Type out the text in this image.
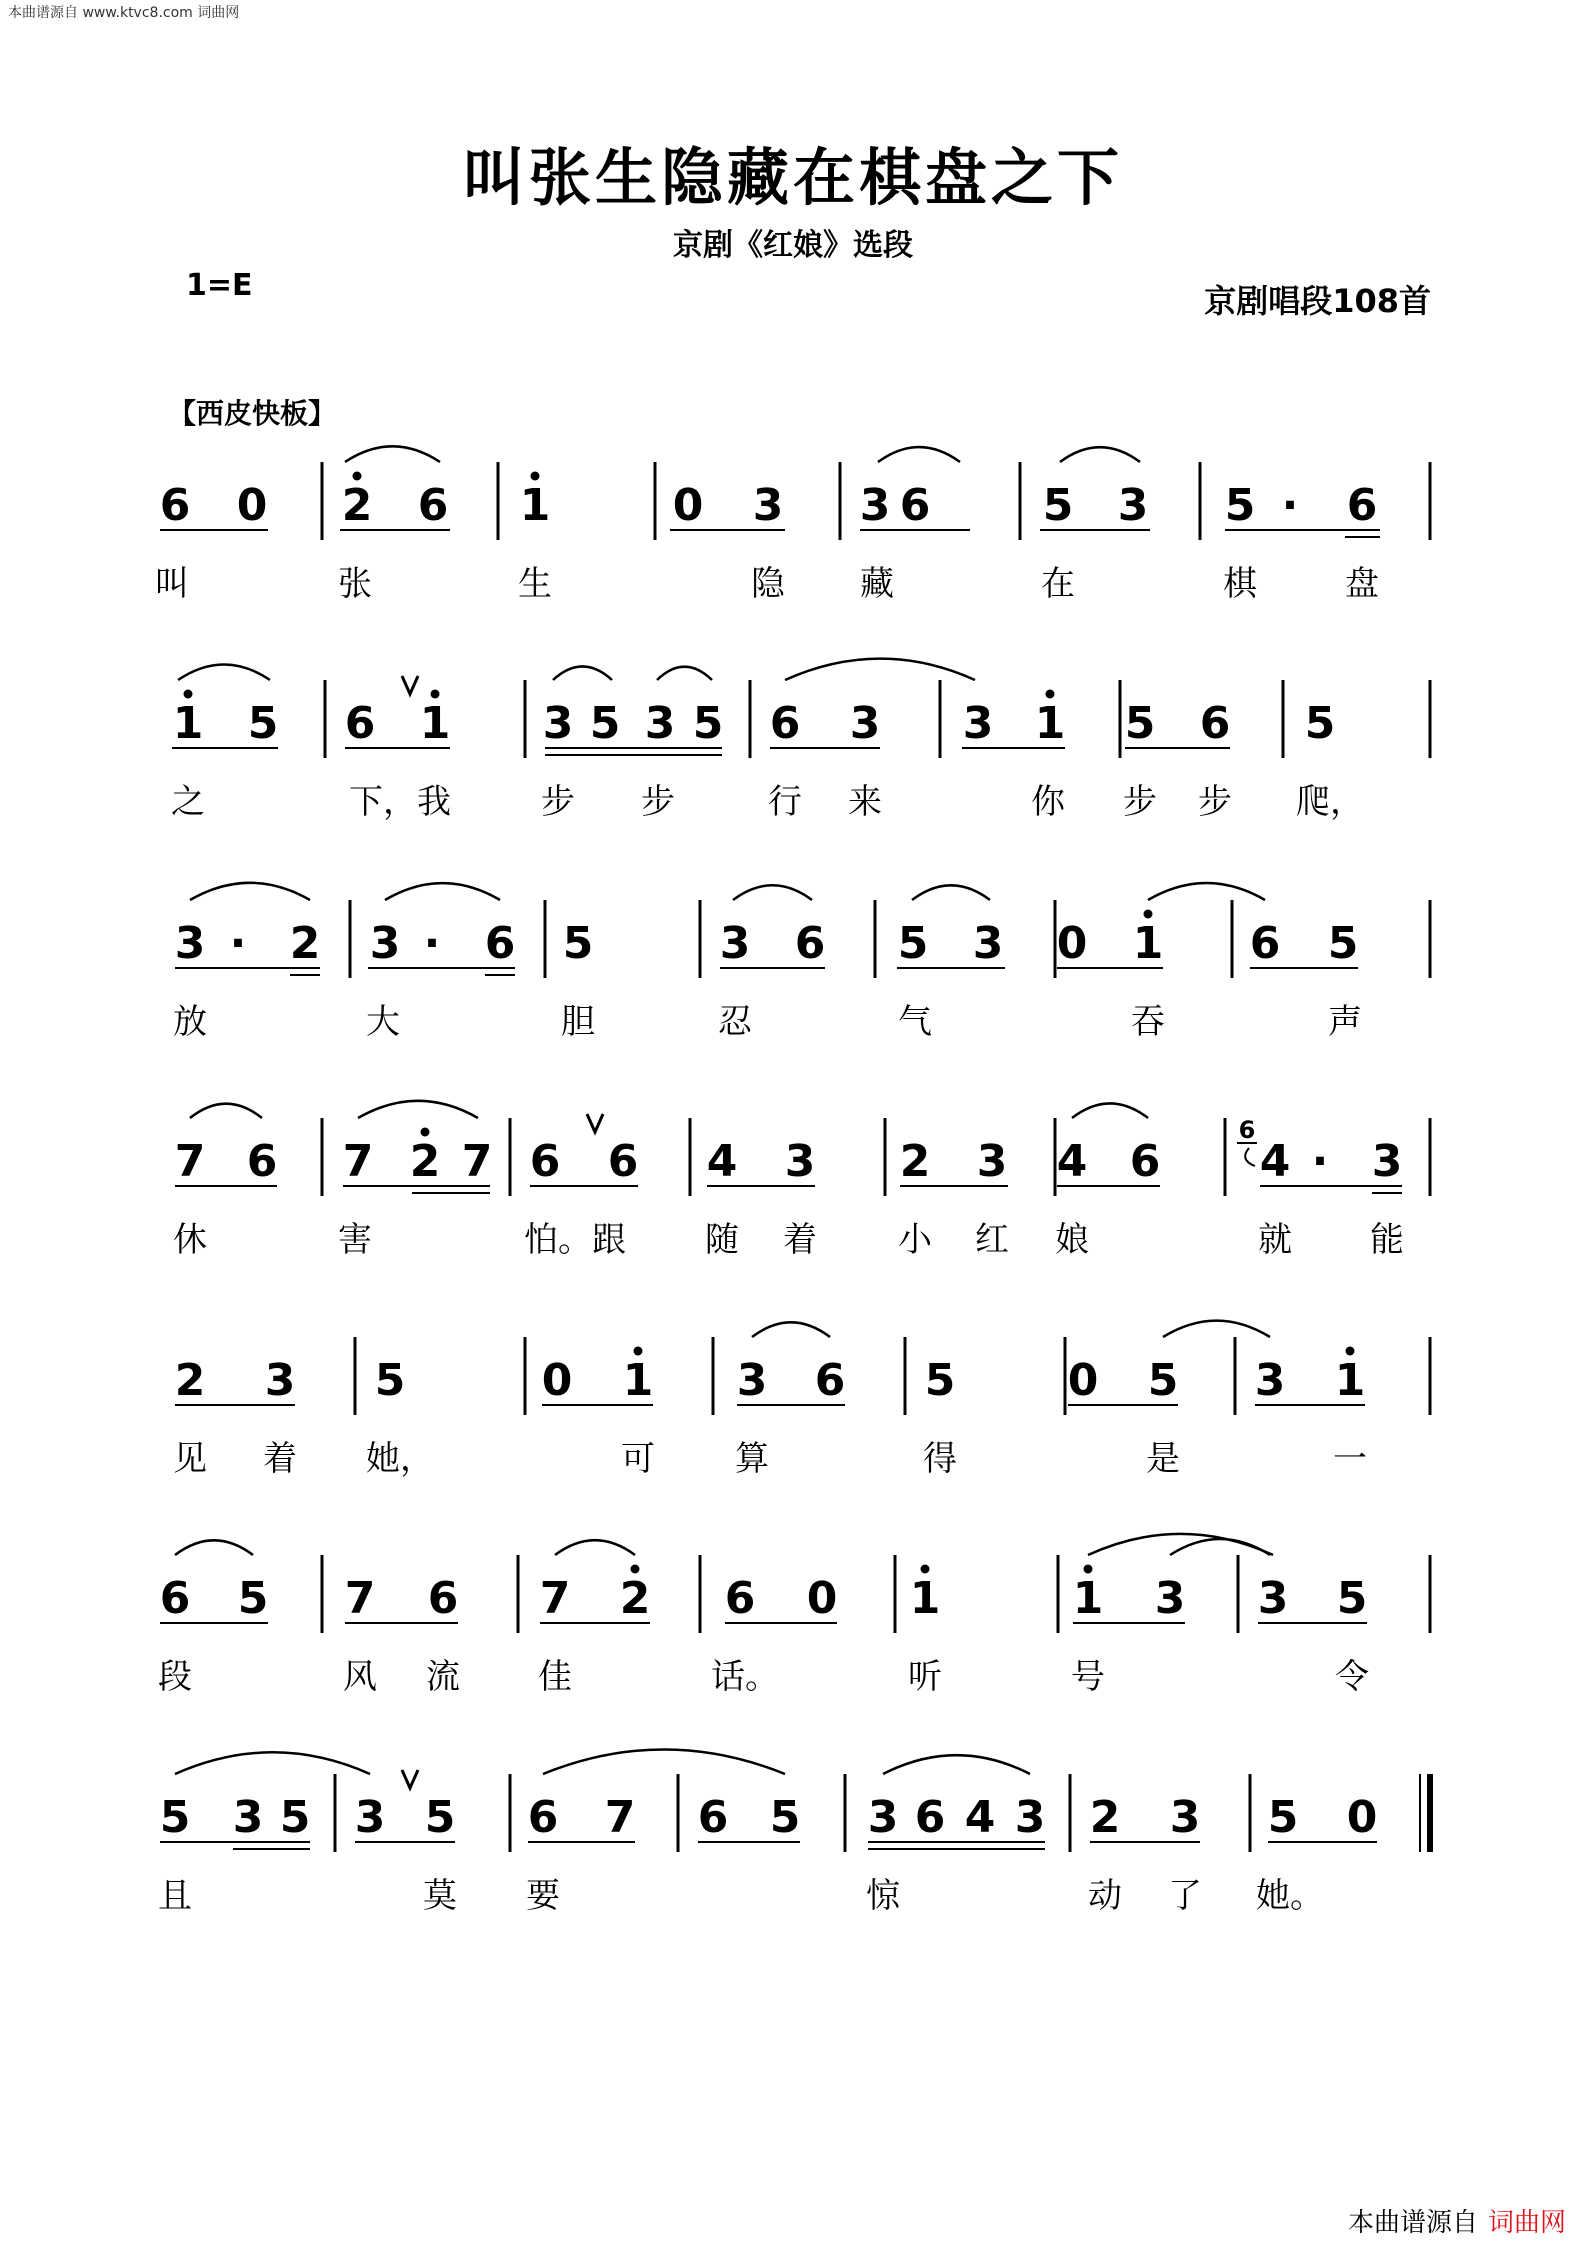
本曲谱源自 www.ktvc8.com 词曲网
叫张生隐藏在棋盘之下
京剧《红娘》选段
1=E	京剧唱段108首
【西皮快板】
6 0 2 6 1	0 3 3 6	5 3 5 · 6
叫	张	生	隐 藏	在	棋	盘
1 5 6 1 3 5 3 5 6 3 3 1 5 6 5
之	下，我	步 步	行 来	你 步 步 爬，
3 · 2 3 · 6 5	3 6 5 3 0 1 6 5
放	大	胆	忍	气	吞	声
7 6 7 2 7 6 6 4 3 2 3 4 6 4 · 3
6
休	害	怕。跟 随 着 小 红 娘	就 能
2 3 5	0 1 3 6 5	0 5 3 1
见 着 她，	可 算	得	是	一
6 5 7 6 7 2 6 0 1	1 3 3 5
段	风 流 佳	话。	听	号	令
5 3 5 3 5 6 7 6 5 3 6 4 3 2 3 5 0
且	莫 要	惊	动 了 她。
本曲谱源自 词曲网
